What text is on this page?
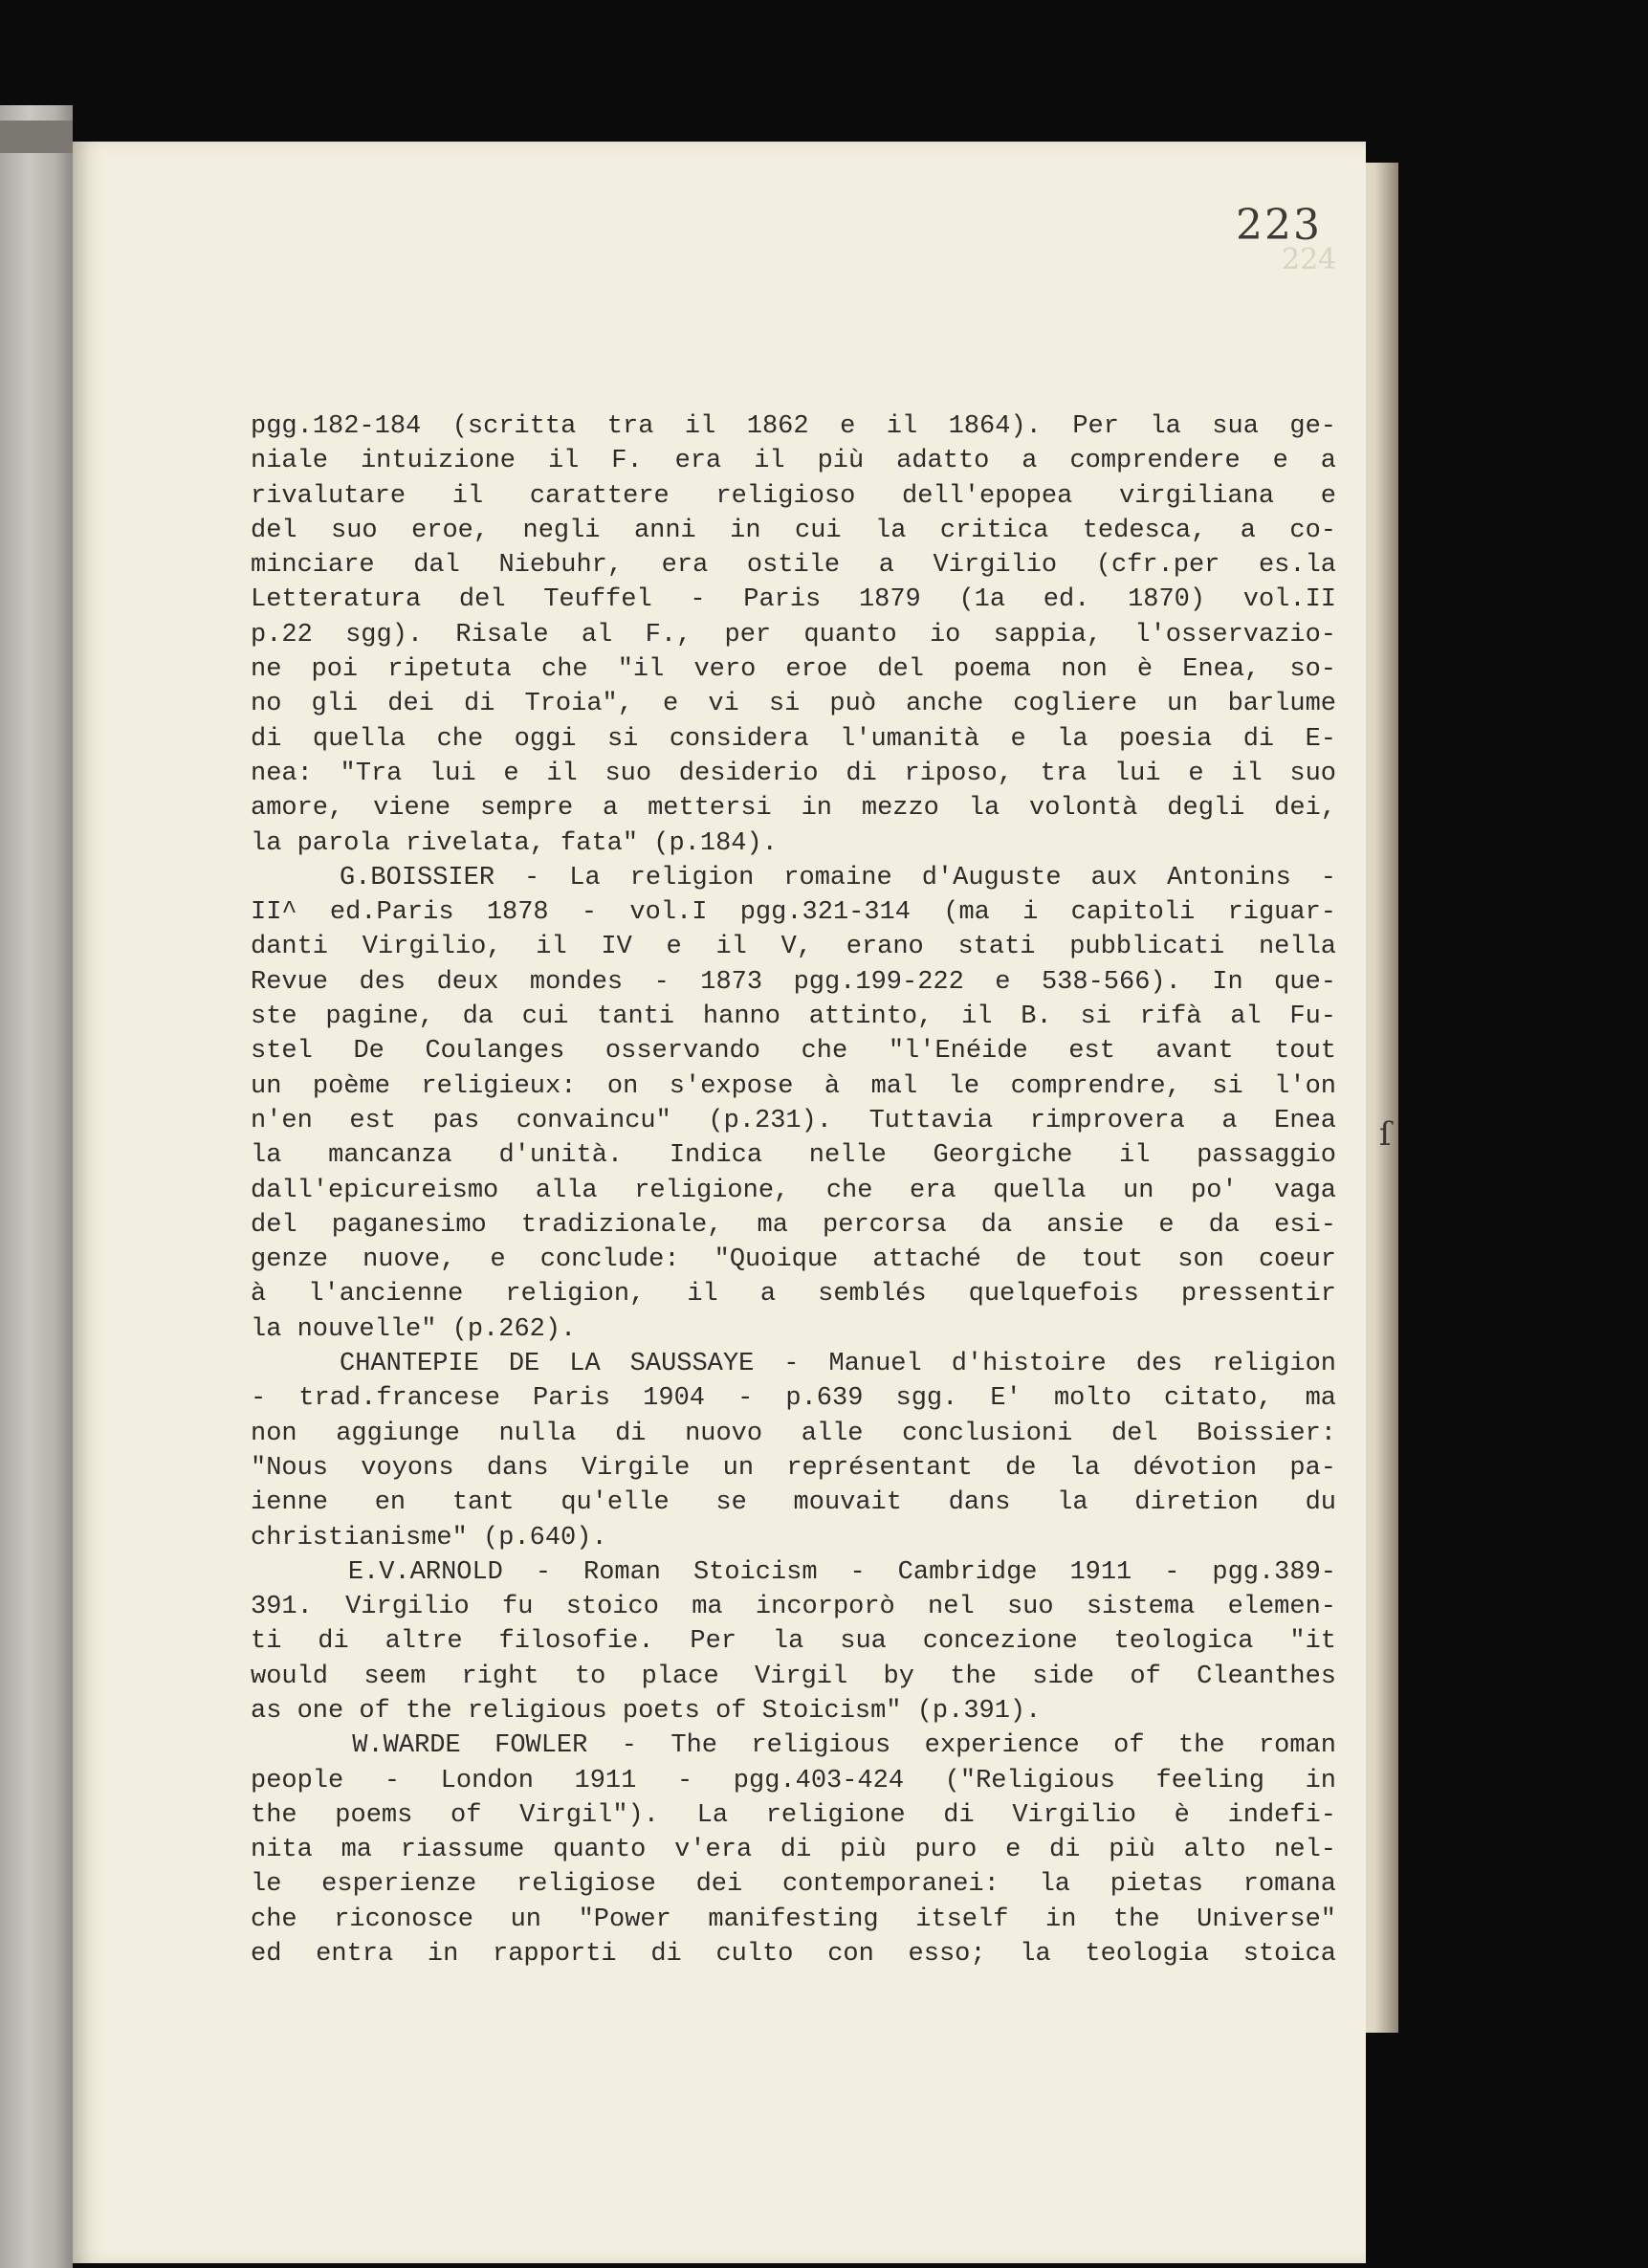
223
224
pgg.182-184 (scritta tra il 1862 e il 1864). Per la sua ge-
niale intuizione il F. era il più adatto a comprendere e a
rivalutare il carattere religioso dell'epopea virgiliana e
del suo eroe, negli anni in cui la critica tedesca, a co-
minciare dal Niebuhr, era ostile a Virgilio (cfr.per es.la
Letteratura del Teuffel - Paris 1879 (1a ed. 1870) vol.II
p.22 sgg). Risale al F., per quanto io sappia, l'osservazio-
ne poi ripetuta che "il vero eroe del poema non è Enea, so-
no gli dei di Troia", e vi si può anche cogliere un barlume
di quella che oggi si considera l'umanità e la poesia di E-
nea: "Tra lui e il suo desiderio di riposo, tra lui e il suo
amore, viene sempre a mettersi in mezzo la volontà degli dei,
la parola rivelata, fata" (p.184).
G.BOISSIER - La religion romaine d'Auguste aux Antonins -
II^ ed.Paris 1878 - vol.I pgg.321-314 (ma i capitoli riguar-
danti Virgilio, il IV e il V, erano stati pubblicati nella
Revue des deux mondes - 1873 pgg.199-222 e 538-566). In que-
ste pagine, da cui tanti hanno attinto, il B. si rifà al Fu-
stel De Coulanges osservando che "l'Enéide est avant tout
un poème religieux: on s'expose à mal le comprendre, si l'on
n'en est pas convaincu" (p.231). Tuttavia rimprovera a Enea
la mancanza d'unità. Indica nelle Georgiche il passaggio
dall'epicureismo alla religione, che era quella un po' vaga
del paganesimo tradizionale, ma percorsa da ansie e da esi-
genze nuove, e conclude: "Quoique attaché de tout son coeur
à l'ancienne religion, il a semblés quelquefois pressentir
la nouvelle" (p.262).
CHANTEPIE DE LA SAUSSAYE - Manuel d'histoire des religion
- trad.francese Paris 1904 - p.639 sgg. E' molto citato, ma
non aggiunge nulla di nuovo alle conclusioni del Boissier:
"Nous voyons dans Virgile un représentant de la dévotion pa-
ienne en tant qu'elle se mouvait dans la diretion du
christianisme" (p.640).
E.V.ARNOLD - Roman Stoicism - Cambridge 1911 - pgg.389-
391. Virgilio fu stoico ma incorporò nel suo sistema elemen-
ti di altre filosofie. Per la sua concezione teologica "it
would seem right to place Virgil by the side of Cleanthes
as one of the religious poets of Stoicism" (p.391).
W.WARDE FOWLER - The religious experience of the roman
people - London 1911 - pgg.403-424 ("Religious feeling in
the poems of Virgil"). La religione di Virgilio è indefi-
nita ma riassume quanto v'era di più puro e di più alto nel-
le esperienze religiose dei contemporanei: la pietas romana
che riconosce un "Power manifesting itself in the Universe"
ed entra in rapporti di culto con esso; la teologia stoica
ſ
